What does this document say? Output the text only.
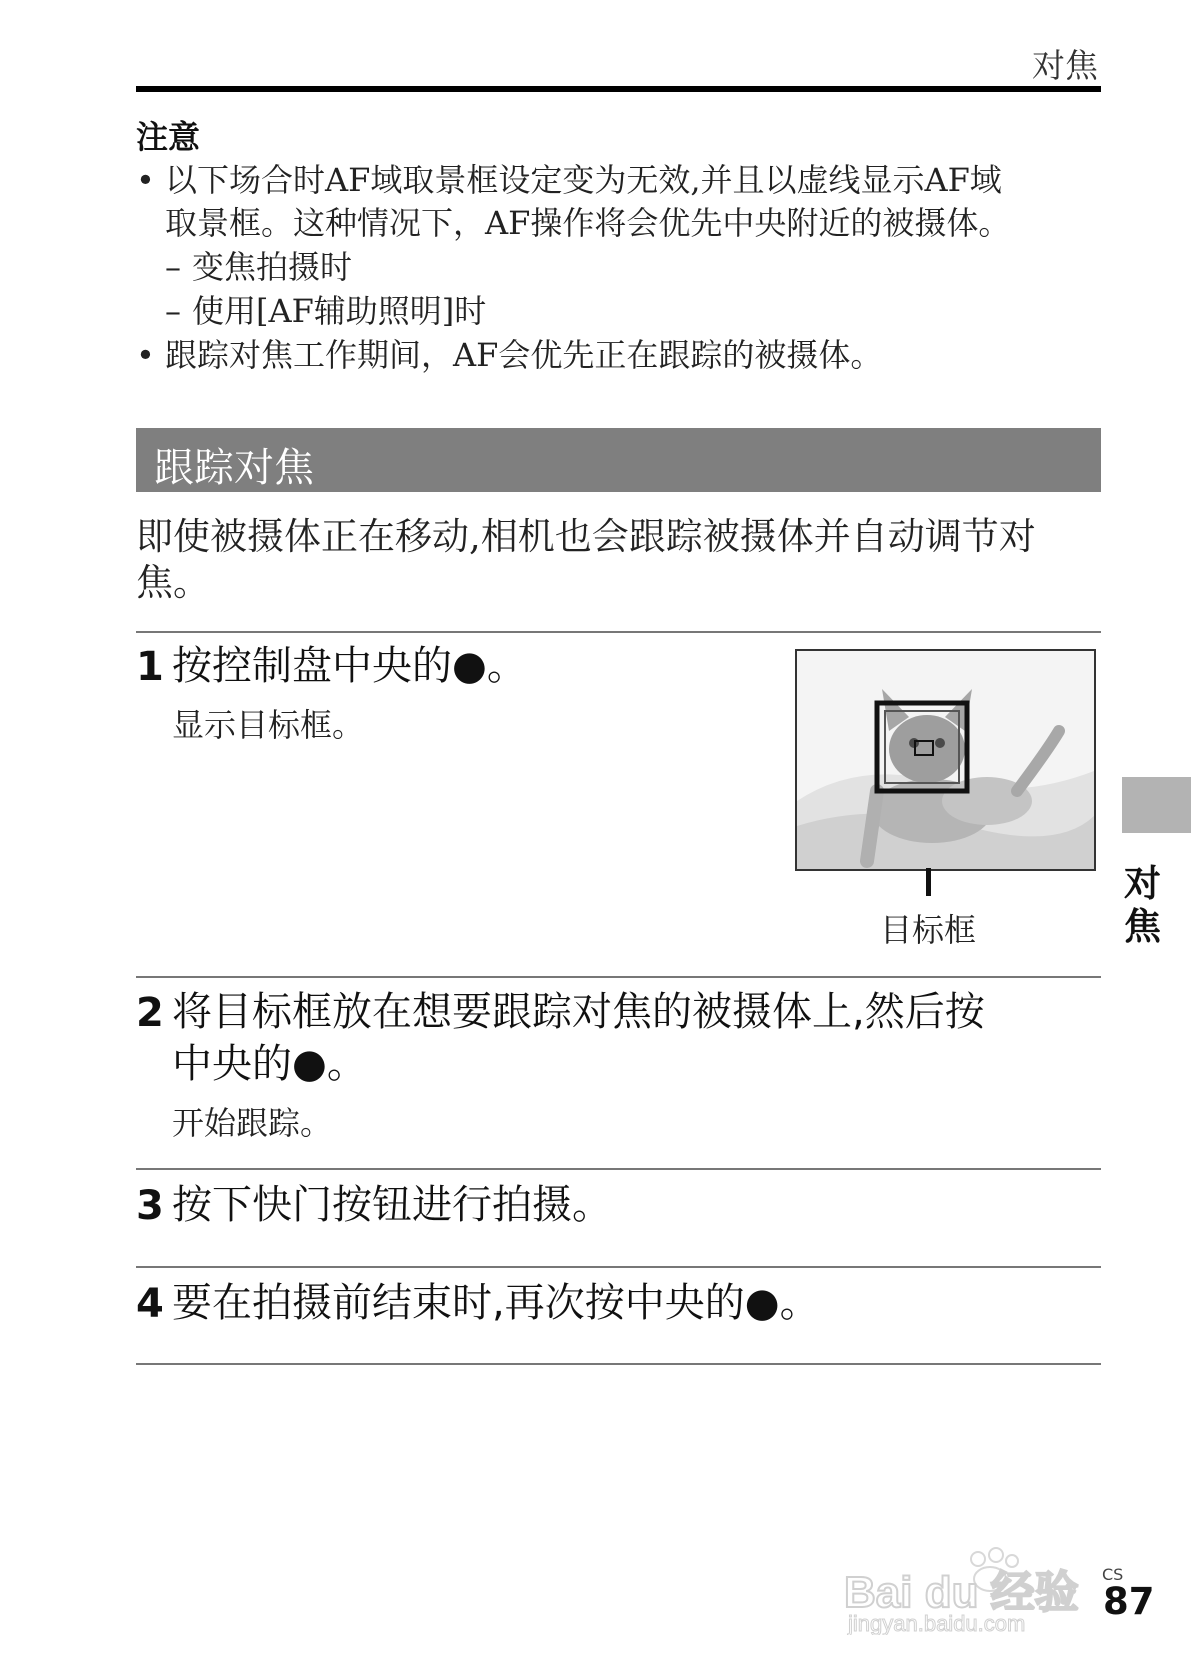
对焦
注意
• 以下场合时AF域取景框设定变为无效,并且以虚线显示AF域
取景框。这种情况下，AF操作将会优先中央附近的被摄体。
– 变焦拍摄时
– 使用[AF辅助照明]时
• 跟踪对焦工作期间，AF会优先正在跟踪的被摄体。
跟踪对焦
即使被摄体正在移动,相机也会跟踪被摄体并自动调节对焦。
1 按控制盘中央的●。
显示目标框。
目标框
2 将目标框放在想要跟踪对焦的被摄体上,然后按
中央的●。
开始跟踪。
3 按下快门按钮进行拍摄。
4 要在拍摄前结束时,再次按中央的●。
对
焦
Bai du 经验
jingyan.baidu.com
CS
87
